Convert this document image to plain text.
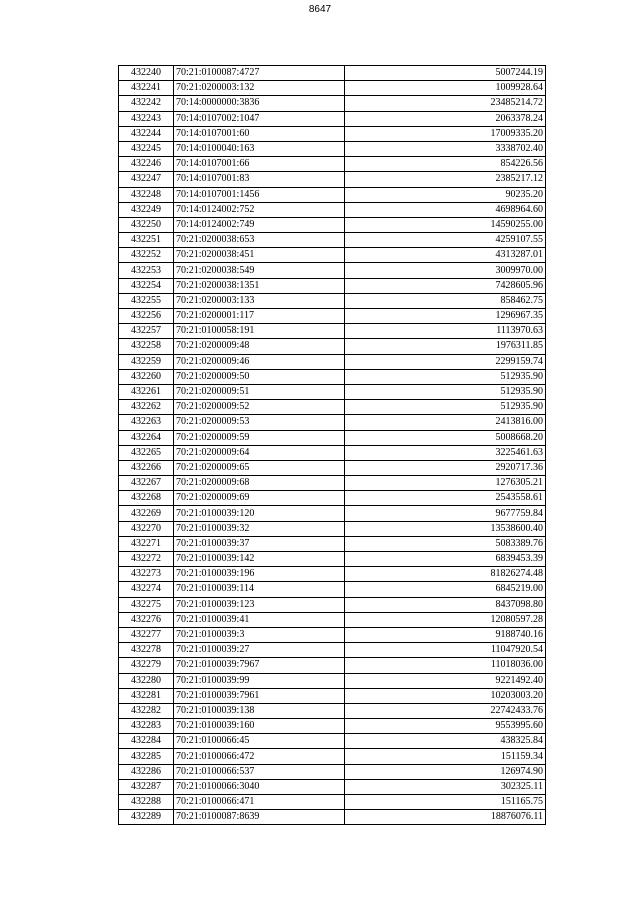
8647
432240	70:21:0100087:4727	5007244.19
432241	70:21:0200003:132	1009928.64
432242	70:14:0000000:3836	23485214.72
432243	70:14:0107002:1047	2063378.24
432244	70:14:0107001:60	17009335.20
432245	70:14:0100040:163	3338702.40
432246	70:14:0107001:66	854226.56
432247	70:14:0107001:83	2385217.12
432248	70:14:0107001:1456	90235.20
432249	70:14:0124002:752	4698964.60
432250	70:14:0124002:749	14590255.00
432251	70:21:0200038:653	4259107.55
432252	70:21:0200038:451	4313287.01
432253	70:21:0200038:549	3009970.00
432254	70:21:0200038:1351	7428605.96
432255	70:21:0200003:133	858462.75
432256	70:21:0200001:117	1296967.35
432257	70:21:0100058:191	1113970.63
432258	70:21:0200009:48	1976311.85
432259	70:21:0200009:46	2299159.74
432260	70:21:0200009:50	512935.90
432261	70:21:0200009:51	512935.90
432262	70:21:0200009:52	512935.90
432263	70:21:0200009:53	2413816.00
432264	70:21:0200009:59	5008668.20
432265	70:21:0200009:64	3225461.63
432266	70:21:0200009:65	2920717.36
432267	70:21:0200009:68	1276305.21
432268	70:21:0200009:69	2543558.61
432269	70:21:0100039:120	9677759.84
432270	70:21:0100039:32	13538600.40
432271	70:21:0100039:37	5083389.76
432272	70:21:0100039:142	6839453.39
432273	70:21:0100039:196	81826274.48
432274	70:21:0100039:114	6845219.00
432275	70:21:0100039:123	8437098.80
432276	70:21:0100039:41	12080597.28
432277	70:21:0100039:3	9188740.16
432278	70:21:0100039:27	11047920.54
432279	70:21:0100039:7967	11018036.00
432280	70:21:0100039:99	9221492.40
432281	70:21:0100039:7961	10203003.20
432282	70:21:0100039:138	22742433.76
432283	70:21:0100039:160	9553995.60
432284	70:21:0100066:45	438325.84
432285	70:21:0100066:472	151159.34
432286	70:21:0100066:537	126974.90
432287	70:21:0100066:3040	302325.11
432288	70:21:0100066:471	151165.75
432289	70:21:0100087:8639	18876076.11
